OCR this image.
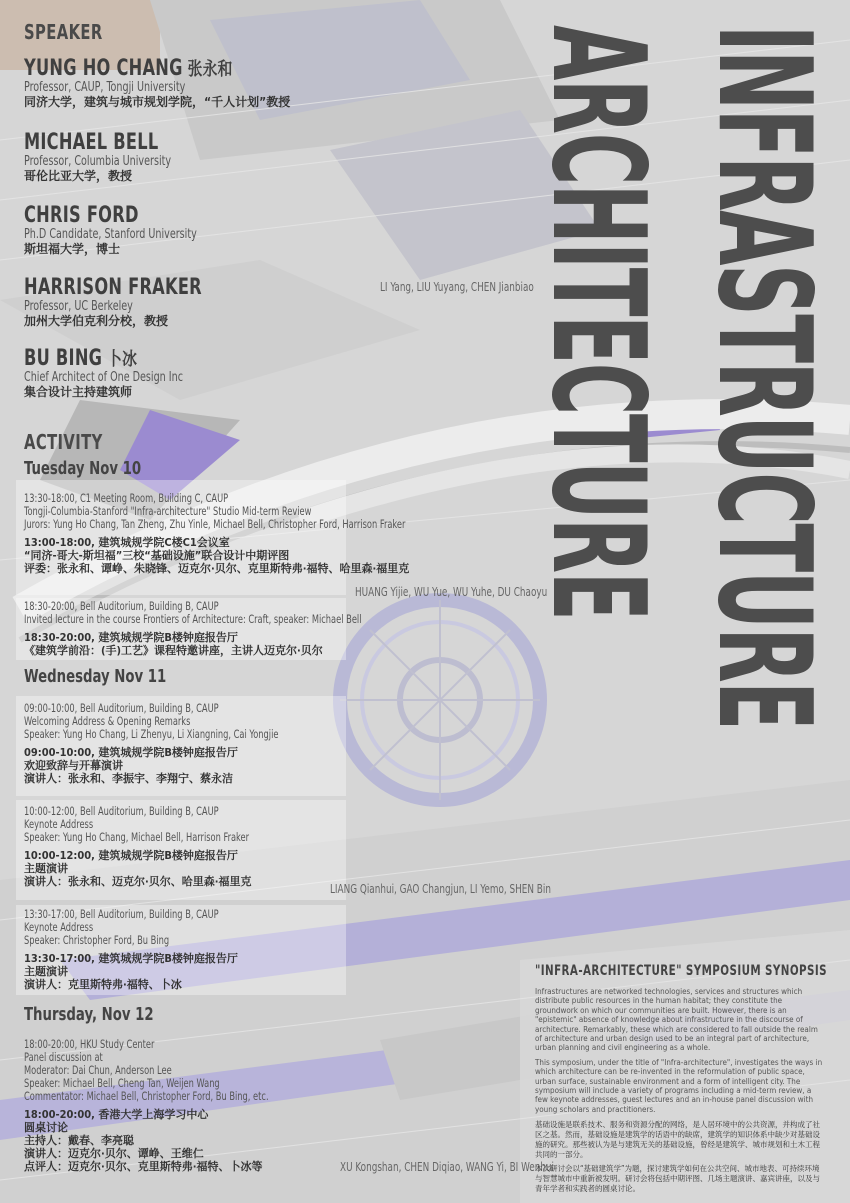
SPEAKER
YUNG HO CHANG 张永和
Professor, CAUP, Tongji University
同济大学，建筑与城市规划学院，“千人计划”教授
MICHAEL BELL
Professor, Columbia University
哥伦比亚大学，教授
CHRIS FORD
Ph.D Candidate, Stanford University
斯坦福大学，博士
HARRISON FRAKER
Professor, UC Berkeley
加州大学伯克利分校，教授
BU BING 卜冰
Chief Architect of One Design Inc
集合设计主持建筑师
ACTIVITY
Tuesday Nov 10
13:30-18:00, C1 Meeting Room, Building C, CAUP
Tongji-Columbia-Stanford "Infra-architecture" Studio Mid-term Review
Jurors: Yung Ho Chang, Tan Zheng, Zhu Yinle, Michael Bell, Christopher Ford, Harrison Fraker
13:00-18:00, 建筑城规学院C楼C1会议室
“同济-哥大-斯坦福”三校“基础设施”联合设计中期评图
评委：张永和、谭峥、朱晓锋、迈克尔·贝尔、克里斯特弗·福特、哈里森·福里克
18:30-20:00, Bell Auditorium, Building B, CAUP
Invited lecture in the course Frontiers of Architecture: Craft, speaker: Michael Bell
18:30-20:00, 建筑城规学院B楼钟庭报告厅
《建筑学前沿：(手)工艺》课程特邀讲座，主讲人迈克尔·贝尔
Wednesday Nov 11
09:00-10:00, Bell Auditorium, Building B, CAUP
Welcoming Address & Opening Remarks
Speaker: Yung Ho Chang, Li Zhenyu, Li Xiangning, Cai Yongjie
09:00-10:00, 建筑城规学院B楼钟庭报告厅
欢迎致辞与开幕演讲
演讲人：张永和、李振宇、李翔宁、蔡永洁
10:00-12:00, Bell Auditorium, Building B, CAUP
Keynote Address
Speaker: Yung Ho Chang, Michael Bell, Harrison Fraker
10:00-12:00, 建筑城规学院B楼钟庭报告厅
主题演讲
演讲人：张永和、迈克尔·贝尔、哈里森·福里克
13:30-17:00, Bell Auditorium, Building B, CAUP
Keynote Address
Speaker: Christopher Ford, Bu Bing
13:30-17:00, 建筑城规学院B楼钟庭报告厅
主题演讲
演讲人：克里斯特弗·福特、卜冰
Thursday, Nov 12
18:00-20:00, HKU Study Center
Panel discussion at
Moderator: Dai Chun, Anderson Lee
Speaker: Michael Bell, Cheng Tan, Weijen Wang
Commentator: Michael Bell, Christopher Ford, Bu Bing, etc.
18:00-20:00, 香港大学上海学习中心
圆桌讨论
主持人：戴春、李亮聪
演讲人：迈克尔·贝尔、谭峥、王维仁
点评人：迈克尔·贝尔、克里斯特弗·福特、卜冰等
INFRASTRUCTURE
ARCHITECTURE
LI Yang, LIU Yuyang, CHEN Jianbiao
HUANG Yijie, WU Yue, WU Yuhe, DU Chaoyu
LIANG Qianhui, GAO Changjun, LI Yemo, SHEN Bin
XU Kongshan, CHEN Diqiao, WANG Yi, BI Wenhui
"INFRA-ARCHITECTURE" SYMPOSIUM SYNOPSIS
Infrastructures are networked technologies, services and structures which distribute public resources in the human habitat; they constitute the groundwork on which our communities are built. However, there is an "epistemic" absence of knowledge about infrastructure in the discourse of architecture. Remarkably, these which are considered to fall outside the realm of architecture and urban design used to be an integral part of architecture, urban planning and civil engineering as a whole.
This symposium, under the title of "Infra-architecture", investigates the ways in which architecture can be re-invented in the reformulation of public space, urban surface, sustainable environment and a form of intelligent city. The symposium will include a variety of programs including a mid-term review, a few keynote addresses, guest lectures and an in-house panel discussion with young scholars and practitioners.
基础设施是联系技术、服务和资源分配的网络，是人居环境中的公共资源，并构成了社区之基。然而，基础设施是建筑学的话语中的缺席，建筑学的知识体系中缺少对基础设施的研究。那些被认为是与建筑无关的基础设施，曾经是建筑学、城市规划和土木工程共同的一部分。
本次研讨会以“基础建筑学”为题，探讨建筑学如何在公共空间、城市地表、可持续环境与智慧城市中重新被发明。研讨会将包括中期评图、几场主题演讲、嘉宾讲座，以及与青年学者和实践者的圆桌讨论。
